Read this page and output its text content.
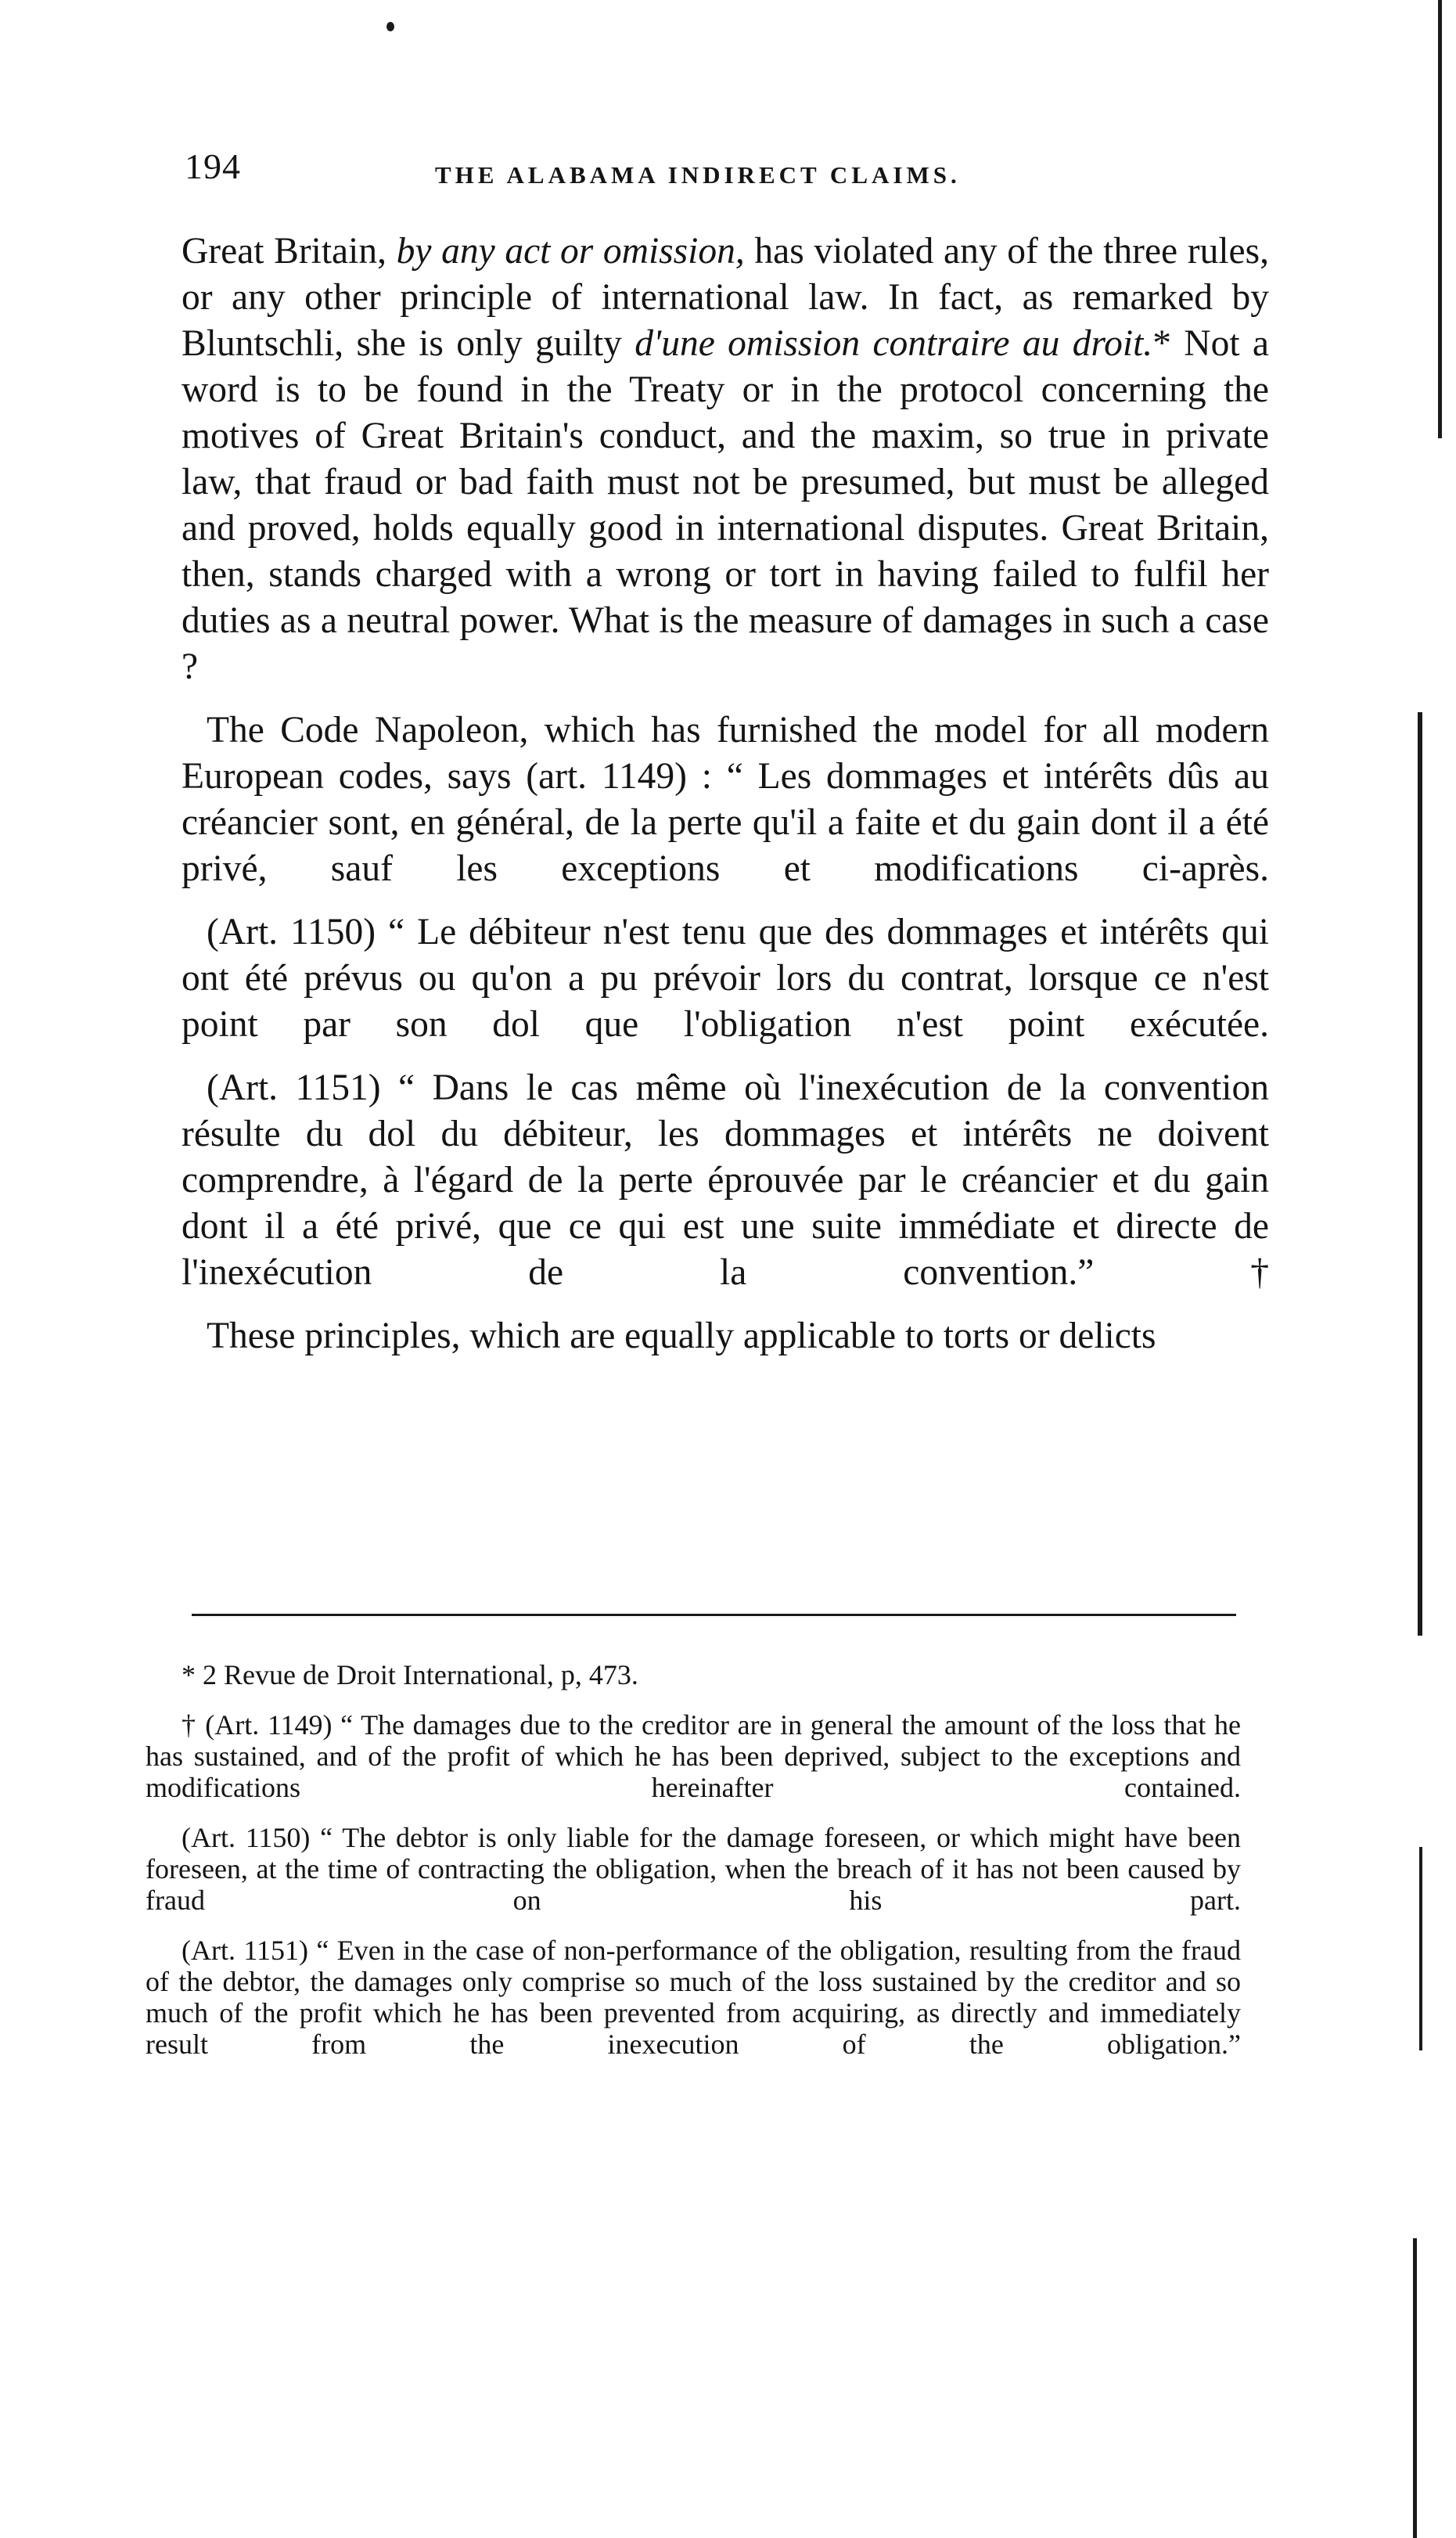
194	THE ALABAMA INDIRECT CLAIMS.

Great Britain, by any act or omission, has violated any of the three rules, or any other principle of international law. In fact, as remarked by Bluntschli, she is only guilty d'une omission contraire au droit.* Not a word is to be found in the Treaty or in the protocol concerning the motives of Great Britain's conduct, and the maxim, so true in private law, that fraud or bad faith must not be presumed, but must be alleged and proved, holds equally good in international disputes. Great Britain, then, stands charged with a wrong or tort in having failed to fulfil her duties as a neutral power. What is the measure of damages in such a case ?

The Code Napoleon, which has furnished the model for all modern European codes, says (art. 1149) : “ Les dommages et intérêts dûs au créancier sont, en général, de la perte qu'il a faite et du gain dont il a été privé, sauf les exceptions et modifications ci-après.

(Art. 1150) “ Le débiteur n'est tenu que des dommages et intérêts qui ont été prévus ou qu'on a pu prévoir lors du contrat, lorsque ce n'est point par son dol que l'obligation n'est point exécutée.

(Art. 1151) “ Dans le cas même où l'inexécution de la convention résulte du dol du débiteur, les dommages et intérêts ne doivent comprendre, à l'égard de la perte éprouvée par le créancier et du gain dont il a été privé, que ce qui est une suite immédiate et directe de l'inexécution de la convention.” †

These principles, which are equally applicable to torts or delicts

* 2 Revue de Droit International, p, 473.

† (Art. 1149) “ The damages due to the creditor are in general the amount of the loss that he has sustained, and of the profit of which he has been deprived, subject to the exceptions and modifications hereinafter contained.

(Art. 1150) “ The debtor is only liable for the damage foreseen, or which might have been foreseen, at the time of contracting the obligation, when the breach of it has not been caused by fraud on his part.

(Art. 1151) “ Even in the case of non-performance of the obligation, resulting from the fraud of the debtor, the damages only comprise so much of the loss sustained by the creditor and so much of the profit which he has been prevented from acquiring, as directly and immediately result from the inexecution of the obligation.”
